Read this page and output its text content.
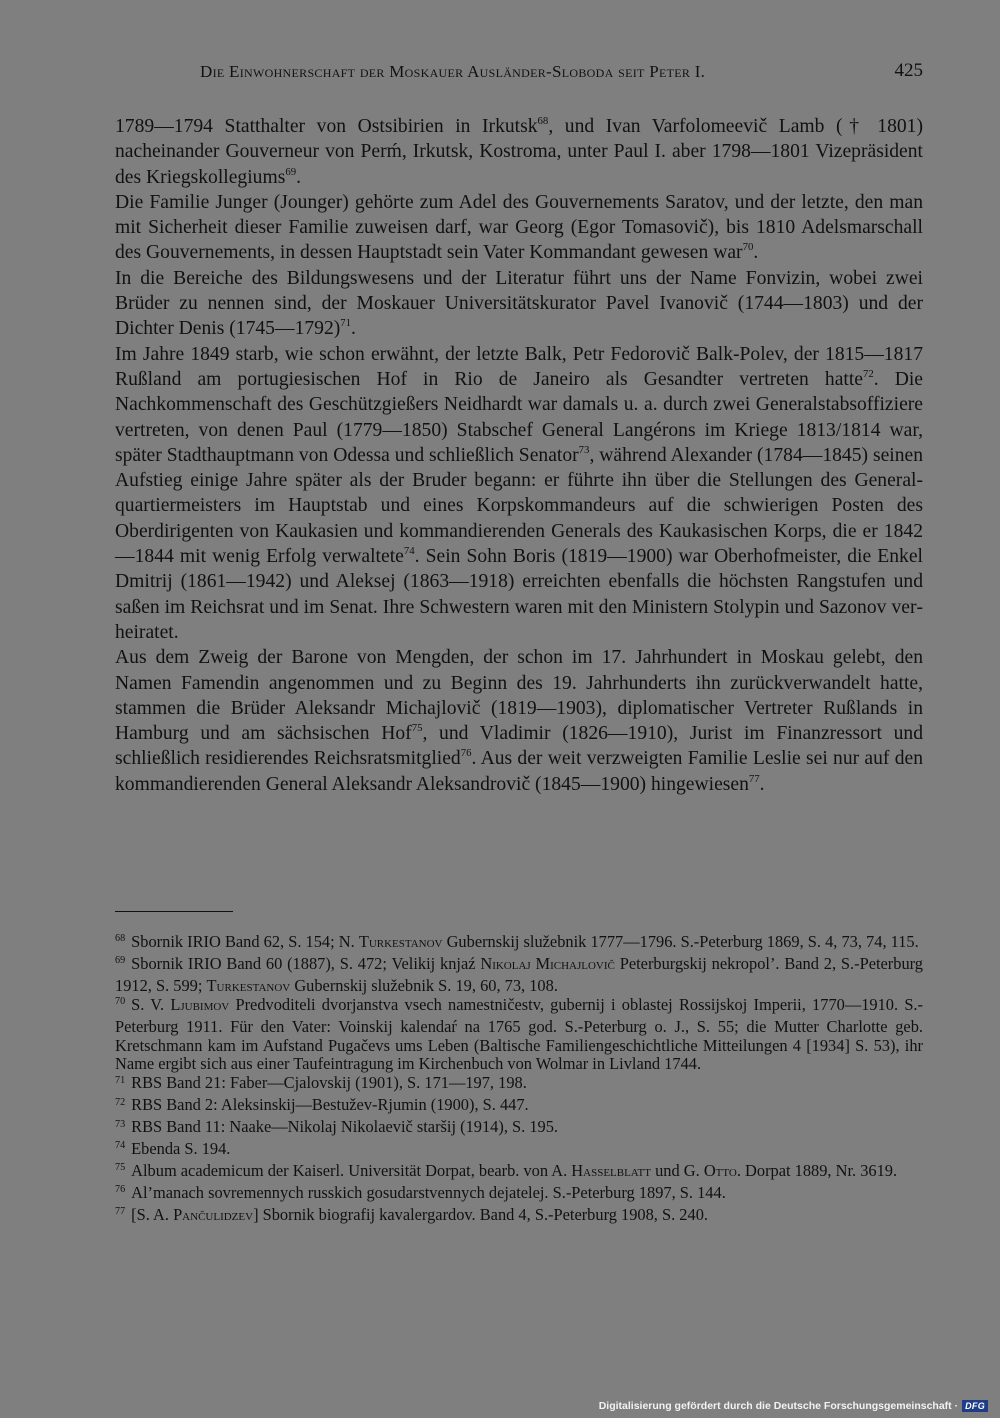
Die Einwohnerschaft der Moskauer Ausländer-Sloboda seit Peter I.	425

1789—1794 Statthalter von Ostsibirien in Irkutsk$^{68}$, und Ivan Varfolomeevič Lamb († 1801) nacheinander Gouverneur von Perḿ, Irkutsk, Kostroma, unter Paul I. aber 1798—1801 Vizepräsident des Kriegskollegiums$^{69}$.

Die Familie Junger (Jounger) gehörte zum Adel des Gouvernements Saratov, und der letzte, den man mit Sicherheit dieser Familie zuweisen darf, war Georg (Egor Tomasovič), bis 1810 Adelsmarschall des Gouvernements, in dessen Hauptstadt sein Vater Kommandant gewesen war$^{70}$.

In die Bereiche des Bildungswesens und der Literatur führt uns der Name Fonvizin, wobei zwei Brüder zu nennen sind, der Moskauer Universitätskurator Pavel Ivanovič (1744—1803) und der Dichter Denis (1745—1792)$^{71}$.

Im Jahre 1849 starb, wie schon erwähnt, der letzte Balk, Petr Fedorovič Balk-Polev, der 1815—1817 Rußland am portugiesischen Hof in Rio de Janeiro als Gesandter vertreten hatte$^{72}$. Die Nachkommenschaft des Geschützgießers Neidhardt war damals u. a. durch zwei Generalstabsoffiziere vertreten, von denen Paul (1779—1850) Stabschef General Langérons im Kriege 1813/1814 war, später Stadthauptmann von Odessa und schließlich Senator$^{73}$, während Alexander (1784—1845) seinen Aufstieg einige Jahre später als der Bruder begann: er führte ihn über die Stellungen des Generalquartiermeisters im Hauptstab und eines Korpskommandeurs auf die schwierigen Posten des Oberdirigenten von Kaukasien und kommandierenden Generals des Kaukasischen Korps, die er 1842—1844 mit wenig Erfolg verwaltete$^{74}$. Sein Sohn Boris (1819—1900) war Oberhofmeister, die Enkel Dmitrij (1861—1942) und Aleksej (1863—1918) erreichten ebenfalls die höchsten Rangstufen und saßen im Reichsrat und im Senat. Ihre Schwestern waren mit den Ministern Stolypin und Sazonov verheiratet.

Aus dem Zweig der Barone von Mengden, der schon im 17. Jahrhundert in Moskau gelebt, den Namen Famendin angenommen und zu Beginn des 19. Jahrhunderts ihn zurückverwandelt hatte, stammen die Brüder Aleksandr Michajlovič (1819—1903), diplomatischer Vertreter Rußlands in Hamburg und am sächsischen Hof$^{75}$, und Vladimir (1826—1910), Jurist im Finanzressort und schließlich residierendes Reichsratsmitglied$^{76}$. Aus der weit verzweigten Familie Leslie sei nur auf den kommandierenden General Aleksandr Aleksandrovič (1845—1900) hingewiesen$^{77}$.

$^{68}$ Sbornik IRIO Band 62, S. 154; N. Turkestanov Gubernskij služebnik 1777—1796. S.-Peterburg 1869, S. 4, 73, 74, 115.

$^{69}$ Sbornik IRIO Band 60 (1887), S. 472; Velikij knjaź Nikolaj Michajlovič Peterburgskij nekropol’. Band 2, S.-Peterburg 1912, S. 599; Turkestanov Gubernskij služebnik S. 19, 60, 73, 108.

$^{70}$ S. V. Ljubimov Predvoditeli dvorjanstva vsech namestničestv, gubernij i oblastej Rossijskoj Imperii, 1770—1910. S.-Peterburg 1911. Für den Vater: Voinskij kalendaŕ na 1765 god. S.-Peterburg o. J., S. 55; die Mutter Charlotte geb. Kretschmann kam im Aufstand Pugačevs ums Leben (Baltische Familiengeschichtliche Mitteilungen 4 [1934] S. 53), ihr Name ergibt sich aus einer Taufeintragung im Kirchenbuch von Wolmar in Livland 1744.

$^{71}$ RBS Band 21: Faber—Cjalovskij (1901), S. 171—197, 198.

$^{72}$ RBS Band 2: Aleksinskij—Bestužev-Rjumin (1900), S. 447.

$^{73}$ RBS Band 11: Naake—Nikolaj Nikolaevič staršij (1914), S. 195.

$^{74}$ Ebenda S. 194.

$^{75}$ Album academicum der Kaiserl. Universität Dorpat, bearb. von A. Hasselblatt und G. Otto. Dorpat 1889, Nr. 3619.

$^{76}$ Al’manach sovremennych russkich gosudarstvennych dejatelej. S.-Peterburg 1897, S. 144.

$^{77}$ [S. A. Pančulidzev] Sbornik biografij kavalergardov. Band 4, S.-Peterburg 1908, S. 240.

Digitalisierung gefördert durch die Deutsche Forschungsgemeinschaft · DFG
